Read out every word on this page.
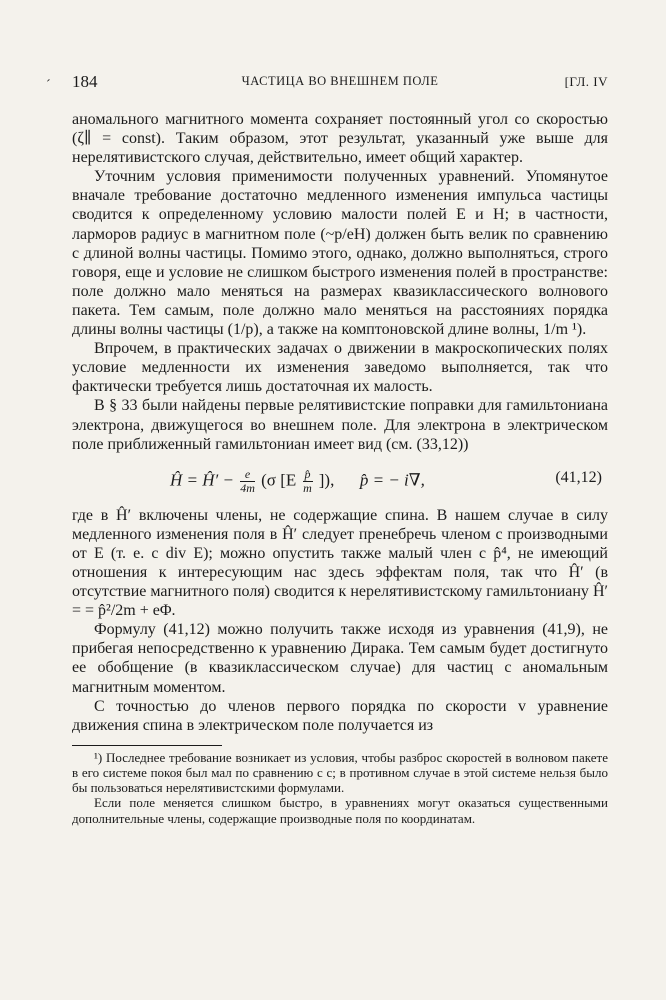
ˊ 184	ЧАСТИЦА ВО ВНЕШНЕМ ПОЛЕ	[ГЛ. IV

аномального магнитного момента сохраняет постоянный угол со скоростью (ζ∥ = const). Таким образом, этот результат, указанный уже выше для нерелятивистского случая, действительно, имеет общий характер.

Уточним условия применимости полученных уравнений. Упомянутое вначале требование достаточно медленного изменения импульса частицы сводится к определенному условию малости полей E и H; в частности, ларморов радиус в магнитном поле (~p/eH) должен быть велик по сравнению с длиной волны частицы. Помимо этого, однако, должно выполняться, строго говоря, еще и условие не слишком быстрого изменения полей в пространстве: поле должно мало меняться на размерах квазиклассического волнового пакета. Тем самым, поле должно мало меняться на расстояниях порядка длины волны частицы (1/p), а также на комптоновской длине волны, 1/m ¹).

Впрочем, в практических задачах о движении в макроскопических полях условие медленности их изменения заведомо выполняется, так что фактически требуется лишь достаточная их малость.

В § 33 были найдены первые релятивистские поправки для гамильтониана электрона, движущегося во внешнем поле. Для электрона в электрическом поле приближенный гамильтониан имеет вид (см. (33,12))

Ĥ = Ĥ′ − $\frac{e}{4m} (\sigma$ [$E \frac{p̂}{m}$ ]), p̂ = − i∇,	(41,12)

где в Ĥ′ включены члены, не содержащие спина. В нашем случае в силу медленного изменения поля в Ĥ′ следует пренебречь членом с производными от E (т. е. с div E); можно опустить также малый член с p̂⁴, не имеющий отношения к интересующим нас здесь эффектам поля, так что Ĥ′ (в отсутствие магнитного поля) сводится к нерелятивистскому гамильтониану Ĥ′ = = p̂²/2m + eΦ.

Формулу (41,12) можно получить также исходя из уравнения (41,9), не прибегая непосредственно к уравнению Дирака. Тем самым будет достигнуто ее обобщение (в квазиклассическом случае) для частиц с аномальным магнитным моментом.

С точностью до членов первого порядка по скорости v уравнение движения спина в электрическом поле получается из

¹) Последнее требование возникает из условия, чтобы разброс скоростей в волновом пакете в его системе покоя был мал по сравнению с c; в противном случае в этой системе нельзя было бы пользоваться нерелятивистскими формулами.

Если поле меняется слишком быстро, в уравнениях могут оказаться существенными дополнительные члены, содержащие производные поля по координатам.
